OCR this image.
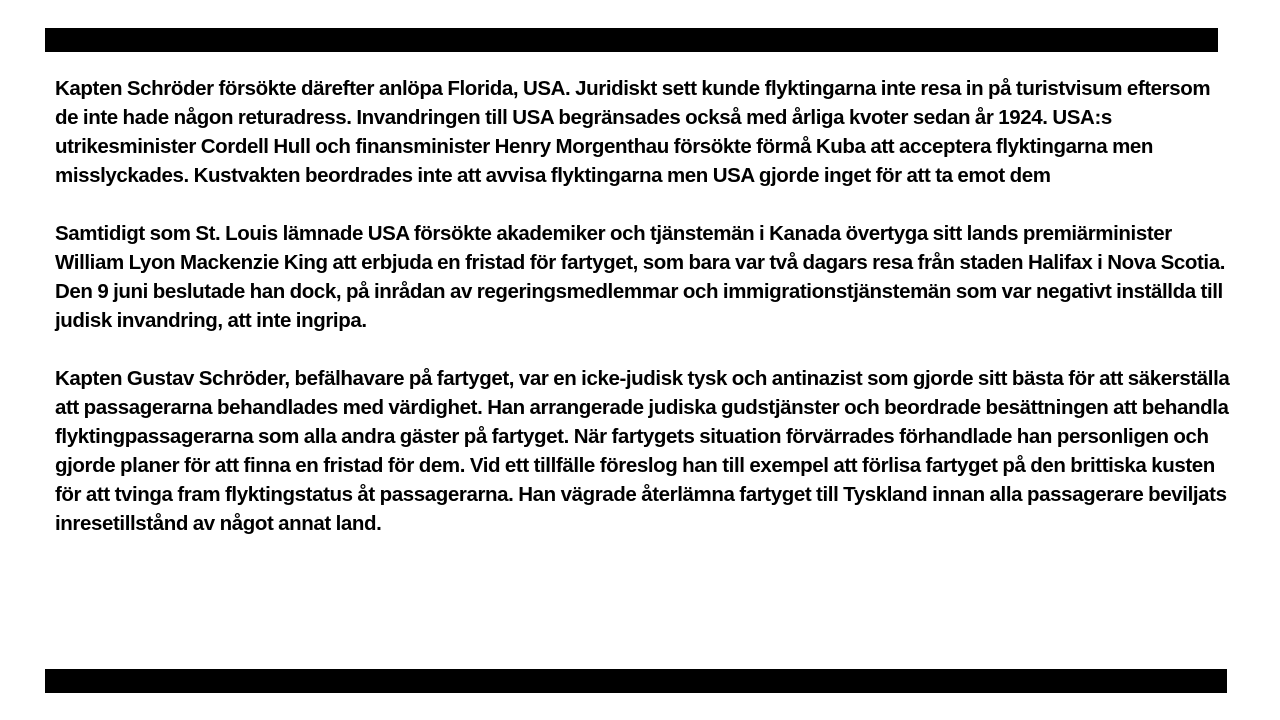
Kapten Schröder försökte därefter anlöpa Florida, USA. Juridiskt sett kunde flyktingarna inte resa in på turistvisum eftersom de inte hade någon returadress. Invandringen till USA begränsades också med årliga kvoter sedan år 1924. USA:s utrikesminister Cordell Hull och finansminister Henry Morgenthau försökte förmå Kuba att acceptera flyktingarna men misslyckades. Kustvakten beordrades inte att avvisa flyktingarna men USA gjorde inget för att ta emot dem

Samtidigt som St. Louis lämnade USA försökte akademiker och tjänstemän i Kanada övertyga sitt lands premiärminister William Lyon Mackenzie King att erbjuda en fristad för fartyget, som bara var två dagars resa från staden Halifax i Nova Scotia. Den 9 juni beslutade han dock, på inrådan av regeringsmedlemmar och immigrationstjänstemän som var negativt inställda till judisk invandring, att inte ingripa.

Kapten Gustav Schröder, befälhavare på fartyget, var en icke-judisk tysk och antinazist som gjorde sitt bästa för att säkerställa att passagerarna behandlades med värdighet. Han arrangerade judiska gudstjänster och beordrade besättningen att behandla flyktingpassagerarna som alla andra gäster på fartyget. När fartygets situation förvärrades förhandlade han personligen och gjorde planer för att finna en fristad för dem. Vid ett tillfälle föreslog han till exempel att förlisa fartyget på den brittiska kusten för att tvinga fram flyktingstatus åt passagerarna. Han vägrade återlämna fartyget till Tyskland innan alla passagerare beviljats inresetillstånd av något annat land.
